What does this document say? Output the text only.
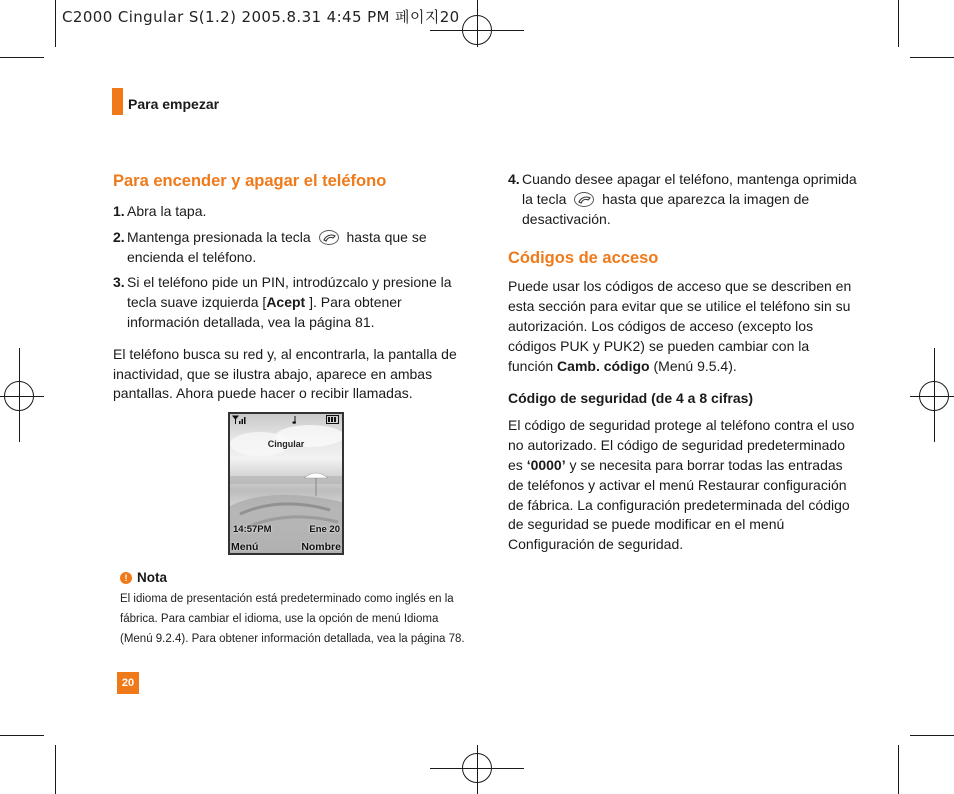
C2000 Cingular S(1.2) 2005.8.31 4:45 PM 페이지20
Para empezar
Para encender y apagar el teléfono
1. Abra la tapa.
2. Mantenga presionada la tecla	hasta que se encienda el teléfono.
3. Si el teléfono pide un PIN, introdúzcalo y presione la tecla suave izquierda [Acept ]. Para obtener información detallada, vea la página 81.
El teléfono busca su red y, al encontrarla, la pantalla de inactividad, que se ilustra abajo, aparece en ambas pantallas. Ahora puede hacer o recibir llamadas.
Cingular
14:57PM	Ene 20
Menú	Nombre
! Nota
El idioma de presentación está predeterminado como inglés en la fábrica. Para cambiar el idioma, use la opción de menú Idioma (Menú 9.2.4). Para obtener información detallada, vea la página 78.
20
4. Cuando desee apagar el teléfono, mantenga oprimida la tecla	hasta que aparezca la imagen de desactivación.
Códigos de acceso
Puede usar los códigos de acceso que se describen en esta sección para evitar que se utilice el teléfono sin su autorización. Los códigos de acceso (excepto los códigos PUK y PUK2) se pueden cambiar con la función Camb. código (Menú 9.5.4).
Código de seguridad (de 4 a 8 cifras)
El código de seguridad protege al teléfono contra el uso no autorizado. El código de seguridad predeterminado es ‘0000’ y se necesita para borrar todas las entradas de teléfonos y activar el menú Restaurar configuración de fábrica. La configuración predeterminada del código de seguridad se puede modificar en el menú Configuración de seguridad.
